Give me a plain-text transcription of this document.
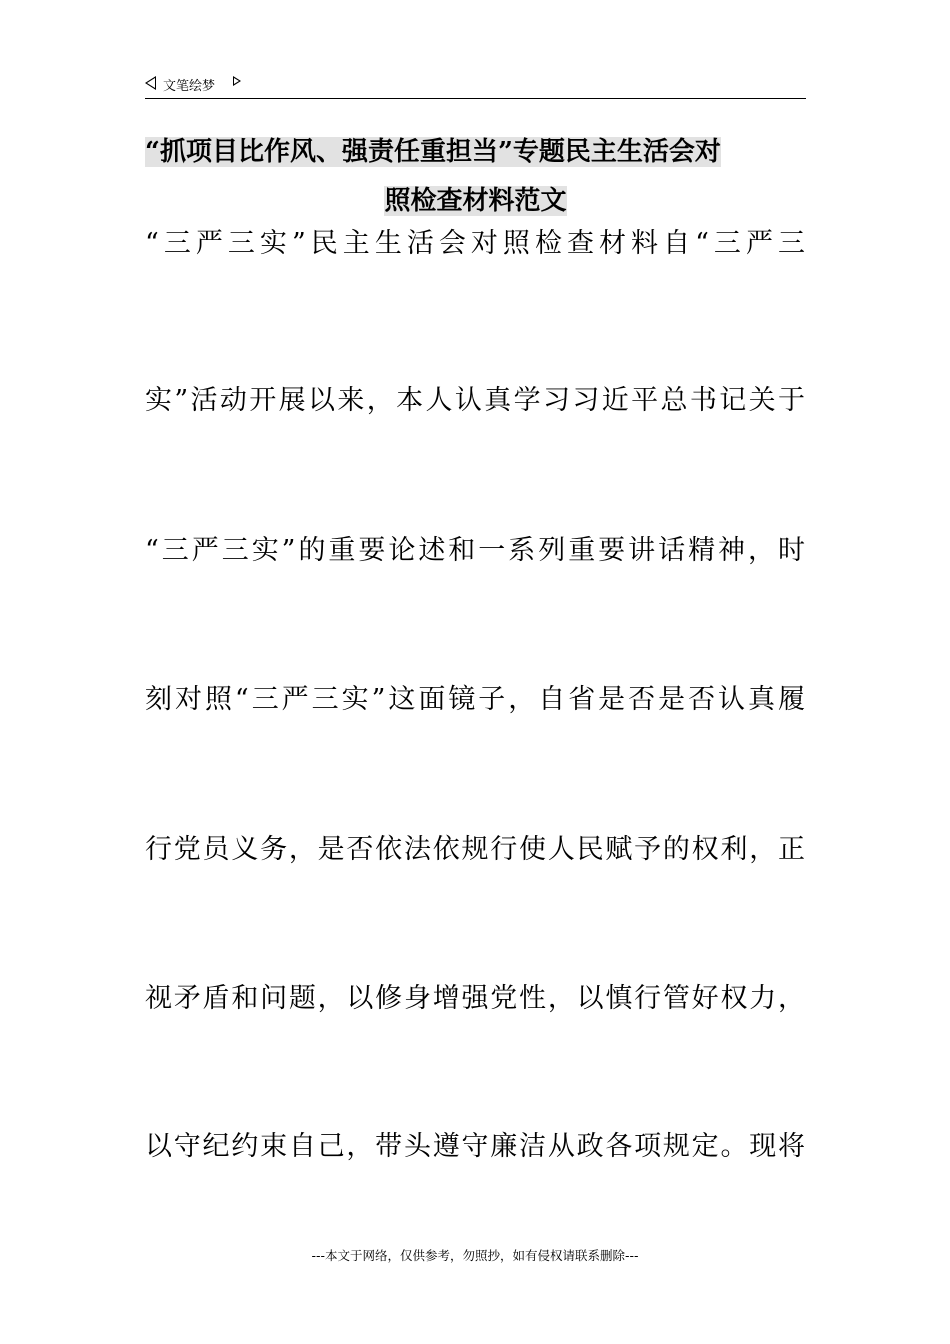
文笔绘梦
“抓项目比作风、强责任重担当”专题民主生活会对
照检查材料范文
“三严三实”民主生活会对照检查材料自“三严三
实”活动开展以来，本人认真学习习近平总书记关于
“三严三实”的重要论述和一系列重要讲话精神，时
刻对照“三严三实”这面镜子，自省是否是否认真履
行党员义务，是否依法依规行使人民赋予的权利，正
视矛盾和问题，以修身增强党性，以慎行管好权力，
以守纪约束自己，带头遵守廉洁从政各项规定。现将
---本文于网络，仅供参考，勿照抄，如有侵权请联系删除---
